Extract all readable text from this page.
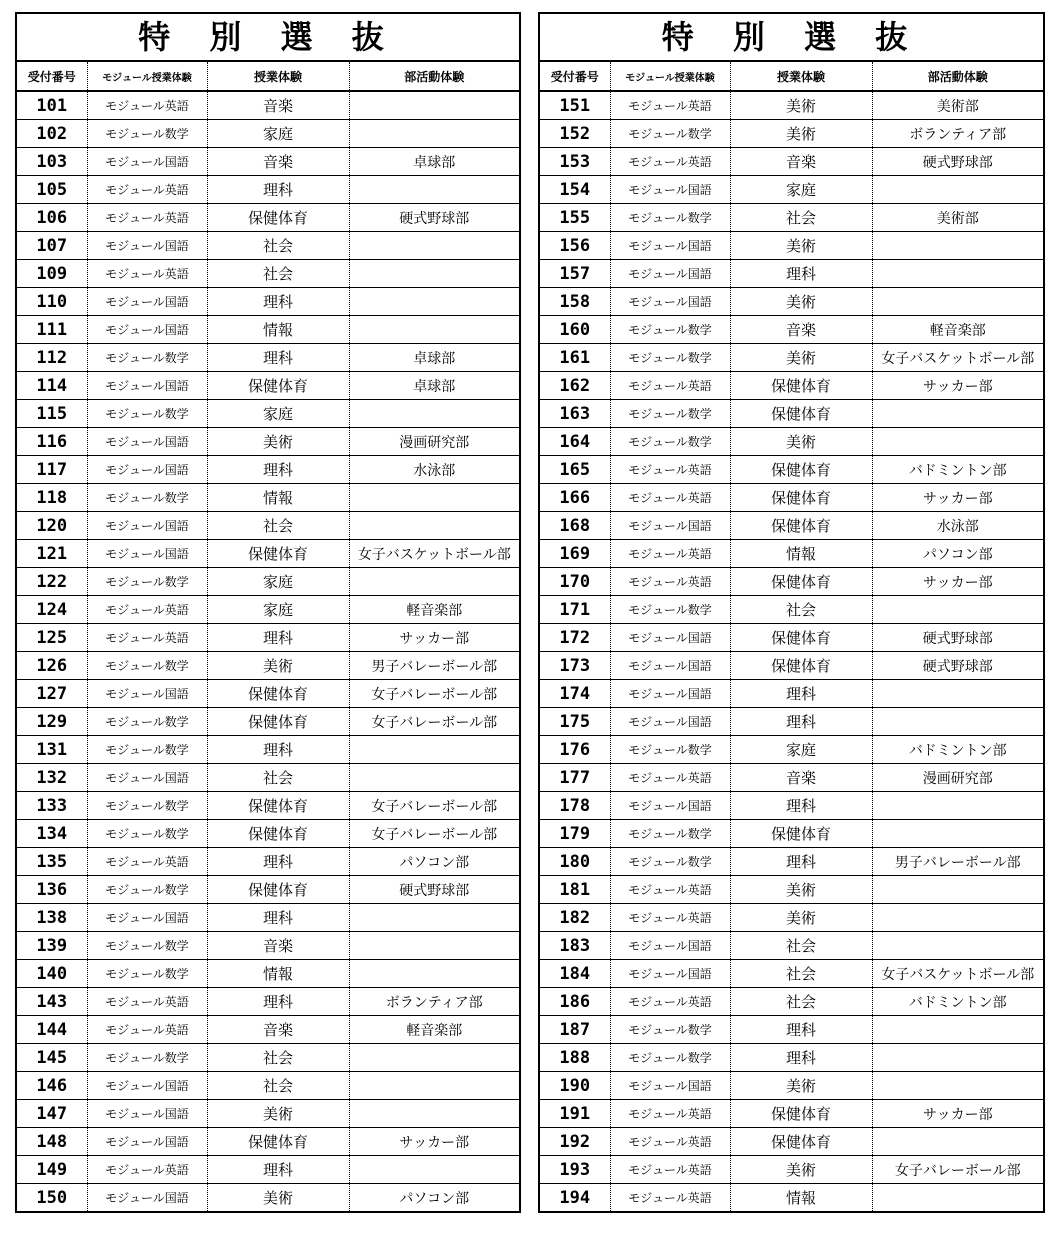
特 別 選 抜
受付番号	モジュール授業体験	授業体験	部活動体験
101	モジュール英語	音楽	
102	モジュール数学	家庭	
103	モジュール国語	音楽	卓球部
105	モジュール英語	理科	
106	モジュール英語	保健体育	硬式野球部
107	モジュール国語	社会	
109	モジュール英語	社会	
110	モジュール国語	理科	
111	モジュール国語	情報	
112	モジュール数学	理科	卓球部
114	モジュール国語	保健体育	卓球部
115	モジュール数学	家庭	
116	モジュール国語	美術	漫画研究部
117	モジュール国語	理科	水泳部
118	モジュール数学	情報	
120	モジュール国語	社会	
121	モジュール国語	保健体育	女子バスケットボール部
122	モジュール数学	家庭	
124	モジュール英語	家庭	軽音楽部
125	モジュール英語	理科	サッカー部
126	モジュール数学	美術	男子バレーボール部
127	モジュール国語	保健体育	女子バレーボール部
129	モジュール数学	保健体育	女子バレーボール部
131	モジュール数学	理科	
132	モジュール国語	社会	
133	モジュール数学	保健体育	女子バレーボール部
134	モジュール数学	保健体育	女子バレーボール部
135	モジュール英語	理科	パソコン部
136	モジュール数学	保健体育	硬式野球部
138	モジュール国語	理科	
139	モジュール数学	音楽	
140	モジュール数学	情報	
143	モジュール英語	理科	ボランティア部
144	モジュール英語	音楽	軽音楽部
145	モジュール数学	社会	
146	モジュール国語	社会	
147	モジュール国語	美術	
148	モジュール国語	保健体育	サッカー部
149	モジュール英語	理科	
150	モジュール国語	美術	パソコン部
特 別 選 抜
受付番号	モジュール授業体験	授業体験	部活動体験
151	モジュール英語	美術	美術部
152	モジュール数学	美術	ボランティア部
153	モジュール英語	音楽	硬式野球部
154	モジュール国語	家庭	
155	モジュール数学	社会	美術部
156	モジュール国語	美術	
157	モジュール国語	理科	
158	モジュール国語	美術	
160	モジュール数学	音楽	軽音楽部
161	モジュール数学	美術	女子バスケットボール部
162	モジュール英語	保健体育	サッカー部
163	モジュール数学	保健体育	
164	モジュール数学	美術	
165	モジュール英語	保健体育	バドミントン部
166	モジュール英語	保健体育	サッカー部
168	モジュール国語	保健体育	水泳部
169	モジュール英語	情報	パソコン部
170	モジュール英語	保健体育	サッカー部
171	モジュール数学	社会	
172	モジュール国語	保健体育	硬式野球部
173	モジュール国語	保健体育	硬式野球部
174	モジュール国語	理科	
175	モジュール国語	理科	
176	モジュール数学	家庭	バドミントン部
177	モジュール英語	音楽	漫画研究部
178	モジュール国語	理科	
179	モジュール数学	保健体育	
180	モジュール数学	理科	男子バレーボール部
181	モジュール英語	美術	
182	モジュール英語	美術	
183	モジュール国語	社会	
184	モジュール国語	社会	女子バスケットボール部
186	モジュール英語	社会	バドミントン部
187	モジュール数学	理科	
188	モジュール数学	理科	
190	モジュール国語	美術	
191	モジュール英語	保健体育	サッカー部
192	モジュール英語	保健体育	
193	モジュール英語	美術	女子バレーボール部
194	モジュール英語	情報	
